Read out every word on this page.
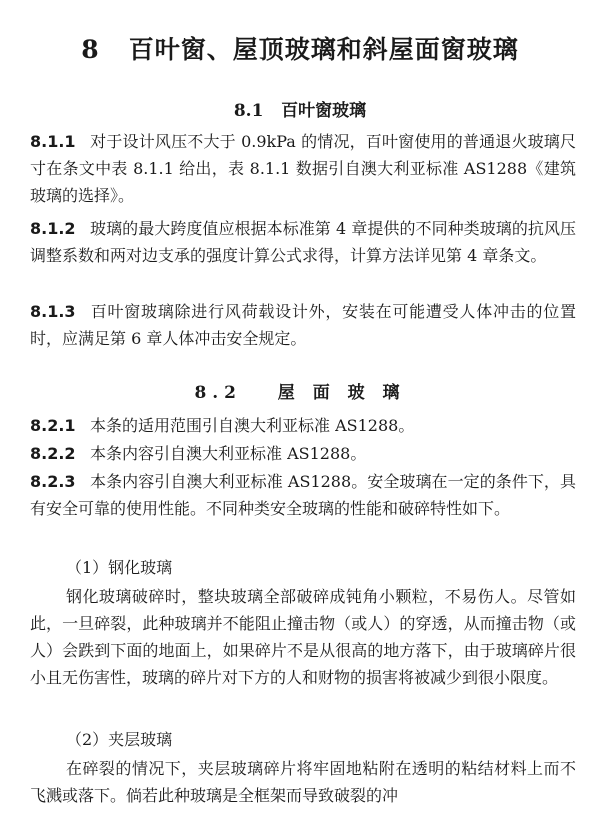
8 百叶窗、屋顶玻璃和斜屋面窗玻璃
8.1 百叶窗玻璃

8.1.1 对于设计风压不大于 0.9kPa 的情况，百叶窗使用的普通退火玻璃尺寸在条文中表 8.1.1 给出，表 8.1.1 数据引自澳大利亚标准 AS1288《建筑玻璃的选择》。

8.1.2 玻璃的最大跨度值应根据本标准第 4 章提供的不同种类玻璃的抗风压调整系数和两对边支承的强度计算公式求得，计算方法详见第 4 章条文。

8.1.3 百叶窗玻璃除进行风荷载设计外，安装在可能遭受人体冲击的位置时，应满足第 6 章人体冲击安全规定。

8.2 屋 面 玻 璃

8.2.1 本条的适用范围引自澳大利亚标准 AS1288。

8.2.2 本条内容引自澳大利亚标准 AS1288。

8.2.3 本条内容引自澳大利亚标准 AS1288。安全玻璃在一定的条件下，具有安全可靠的使用性能。不同种类安全玻璃的性能和破碎特性如下。

（1）钢化玻璃

钢化玻璃破碎时，整块玻璃全部破碎成钝角小颗粒，不易伤人。尽管如此，一旦碎裂，此种玻璃并不能阻止撞击物（或人）的穿透，从而撞击物（或人）会跌到下面的地面上，如果碎片不是从很高的地方落下，由于玻璃碎片很小且无伤害性，玻璃的碎片对下方的人和财物的损害将被减少到很小限度。

（2）夹层玻璃

在碎裂的情况下，夹层玻璃碎片将牢固地粘附在透明的粘结材料上而不飞溅或落下。倘若此种玻璃是全框架而导致破裂的冲
